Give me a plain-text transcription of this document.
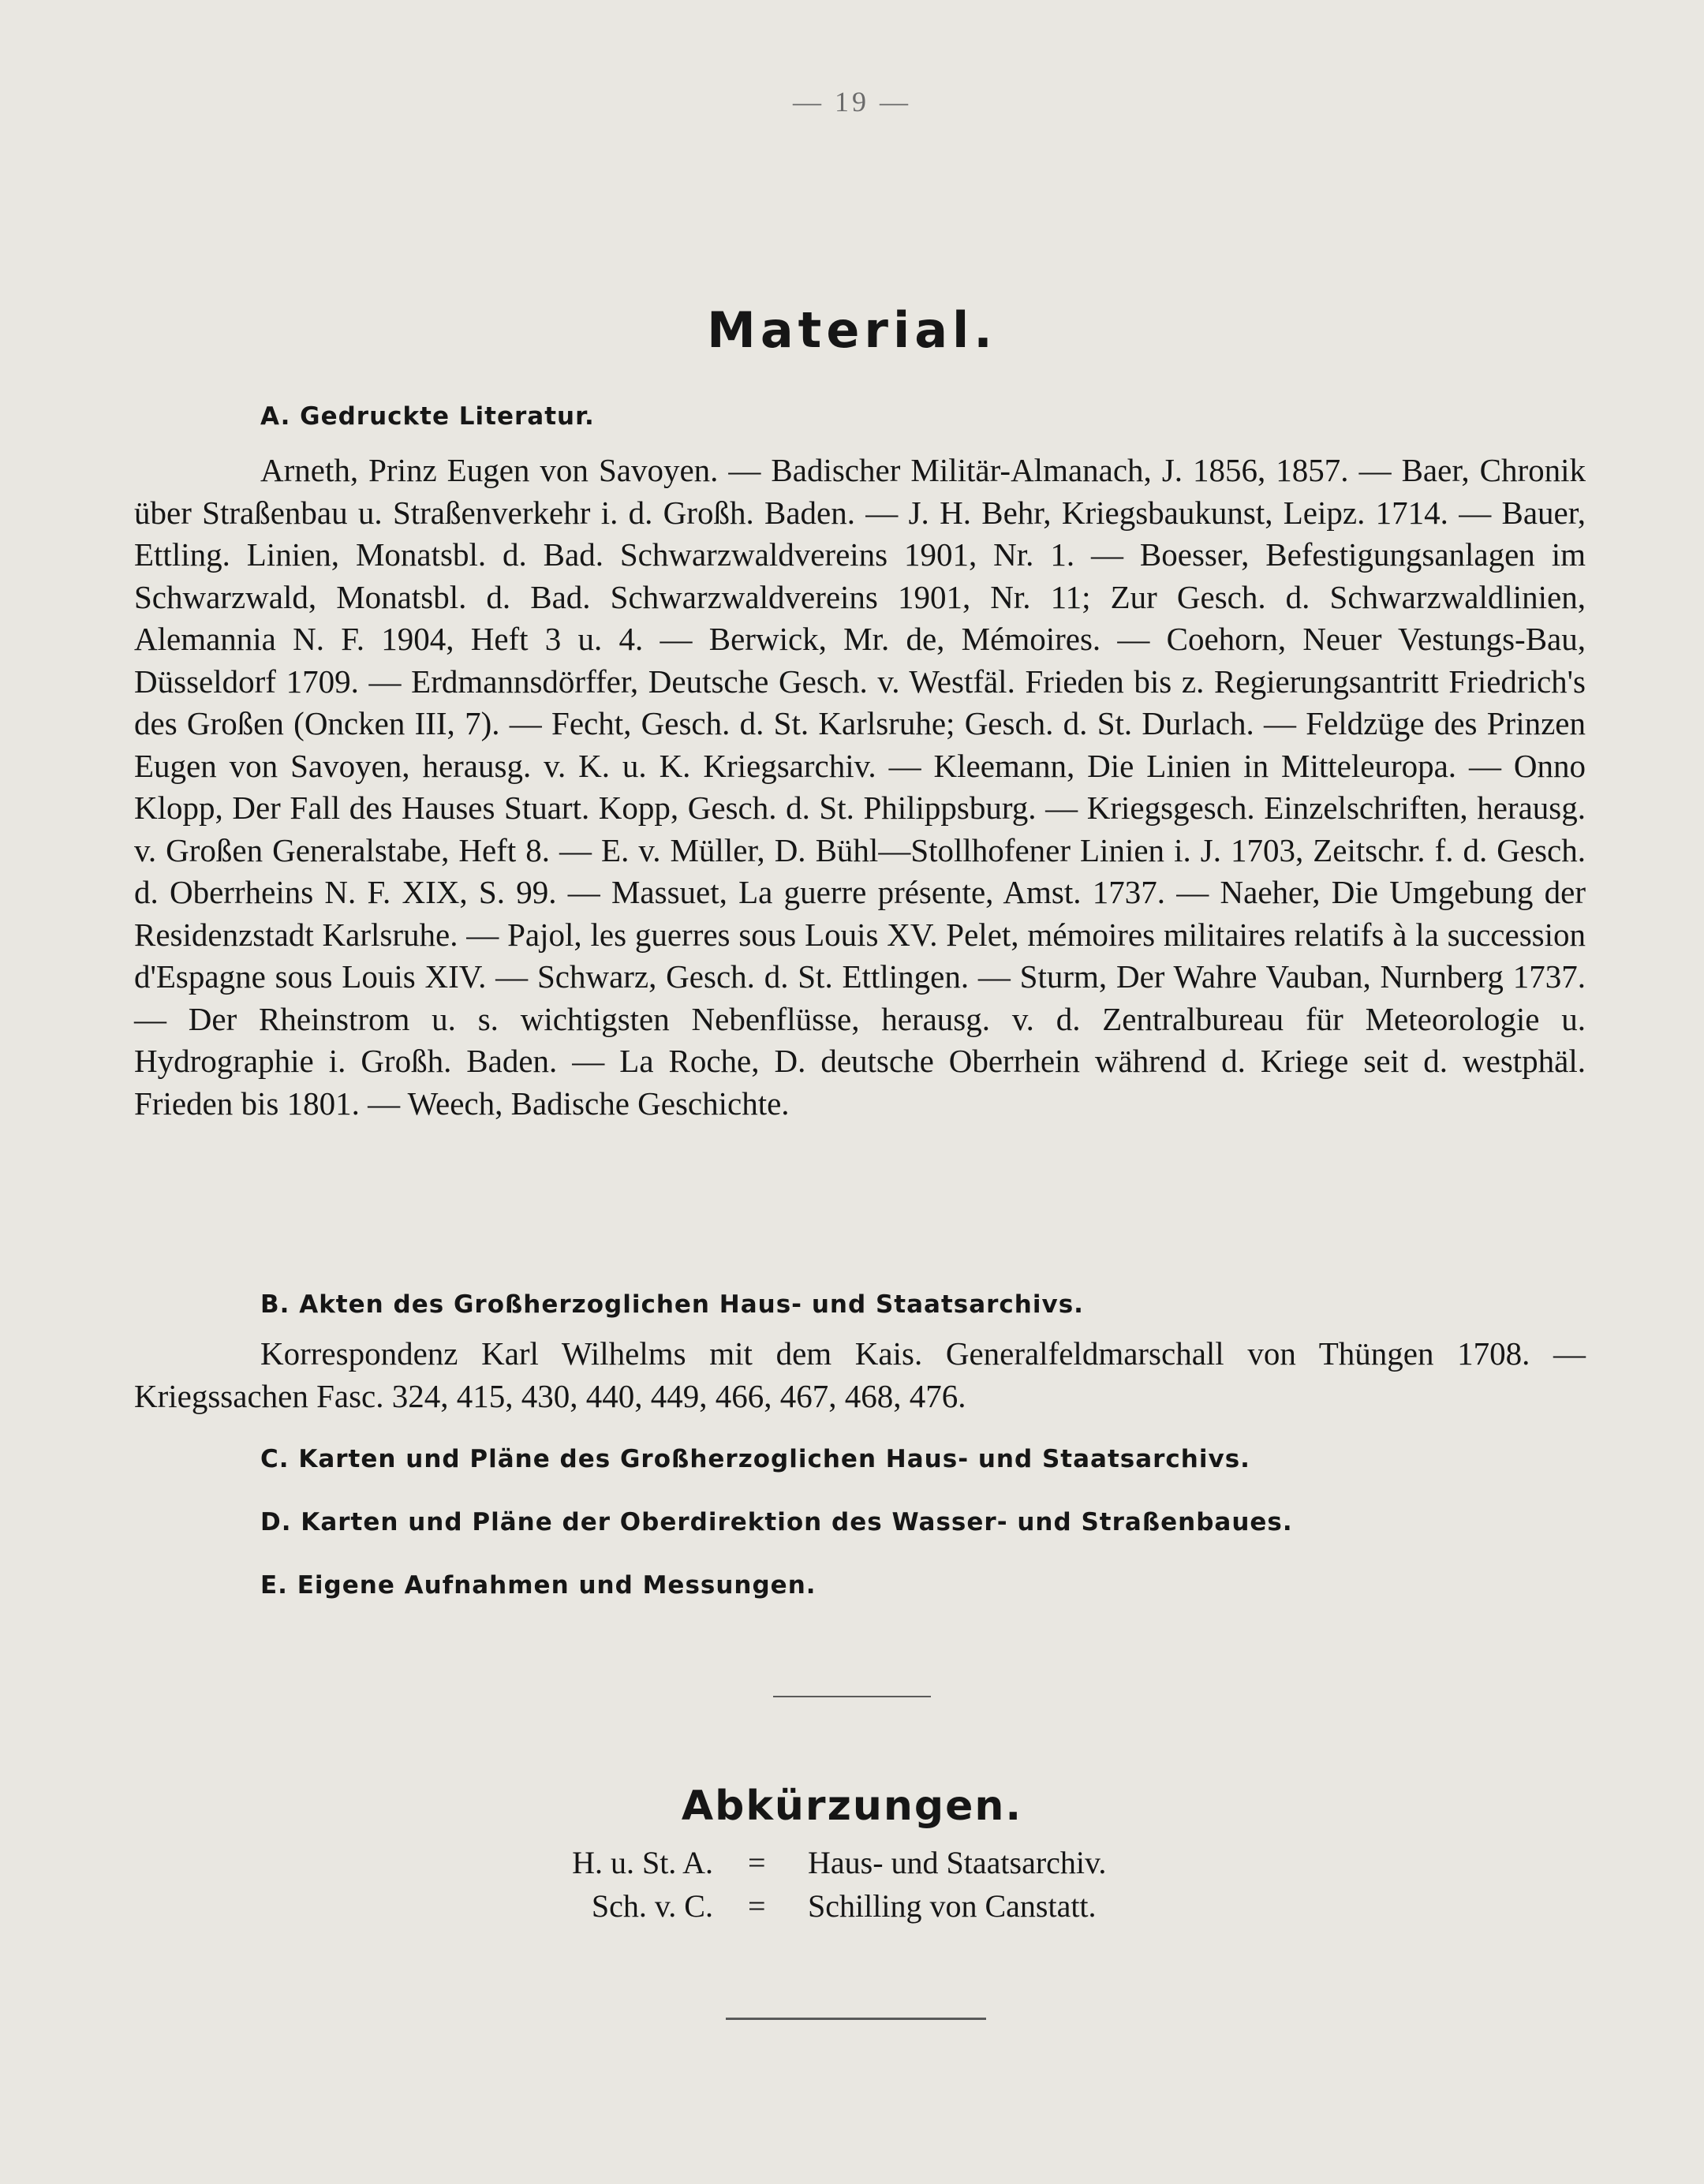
— 19 —
Material.
A. Gedruckte Literatur.
Arneth, Prinz Eugen von Savoyen. — Badischer Militär-Almanach, J. 1856, 1857. — Baer, Chronik über Straßenbau u. Straßenverkehr i. d. Großh. Baden. — J. H. Behr, Kriegsbaukunst, Leipz. 1714. — Bauer, Ettling. Linien, Monatsbl. d. Bad. Schwarzwaldvereins 1901, Nr. 1. — Boesser, Befestigungsanlagen im Schwarzwald, Monatsbl. d. Bad. Schwarzwaldvereins 1901, Nr. 11; Zur Gesch. d. Schwarzwaldlinien, Alemannia N. F. 1904, Heft 3 u. 4. — Berwick, Mr. de, Mémoires. — Coehorn, Neuer Vestungs-Bau, Düsseldorf 1709. — Erdmannsdörffer, Deutsche Gesch. v. Westfäl. Frieden bis z. Regierungsantritt Friedrich's des Großen (Oncken III, 7). — Fecht, Gesch. d. St. Karlsruhe; Gesch. d. St. Durlach. — Feldzüge des Prinzen Eugen von Savoyen, herausg. v. K. u. K. Kriegsarchiv. — Kleemann, Die Linien in Mitteleuropa. — Onno Klopp, Der Fall des Hauses Stuart. Kopp, Gesch. d. St. Philippsburg. — Kriegsgesch. Einzelschriften, herausg. v. Großen Generalstabe, Heft 8. — E. v. Müller, D. Bühl—Stollhofener Linien i. J. 1703, Zeitschr. f. d. Gesch. d. Oberrheins N. F. XIX, S. 99. — Massuet, La guerre présente, Amst. 1737. — Naeher, Die Umgebung der Residenzstadt Karlsruhe. — Pajol, les guerres sous Louis XV. Pelet, mémoires militaires relatifs à la succession d'Espagne sous Louis XIV. — Schwarz, Gesch. d. St. Ettlingen. — Sturm, Der Wahre Vauban, Nurnberg 1737. — Der Rheinstrom u. s. wichtigsten Nebenflüsse, herausg. v. d. Zentralbureau für Meteorologie u. Hydrographie i. Großh. Baden. — La Roche, D. deutsche Oberrhein während d. Kriege seit d. westphäl. Frieden bis 1801. — Weech, Badische Geschichte.
B. Akten des Großherzoglichen Haus- und Staatsarchivs.
Korrespondenz Karl Wilhelms mit dem Kais. Generalfeldmarschall von Thüngen 1708. — Kriegssachen Fasc. 324, 415, 430, 440, 449, 466, 467, 468, 476.
C. Karten und Pläne des Großherzoglichen Haus- und Staatsarchivs.
D. Karten und Pläne der Oberdirektion des Wasser- und Straßenbaues.
E. Eigene Aufnahmen und Messungen.
Abkürzungen.
H. u. St. A. = Haus- und Staatsarchiv.
Sch. v. C. = Schilling von Canstatt.
